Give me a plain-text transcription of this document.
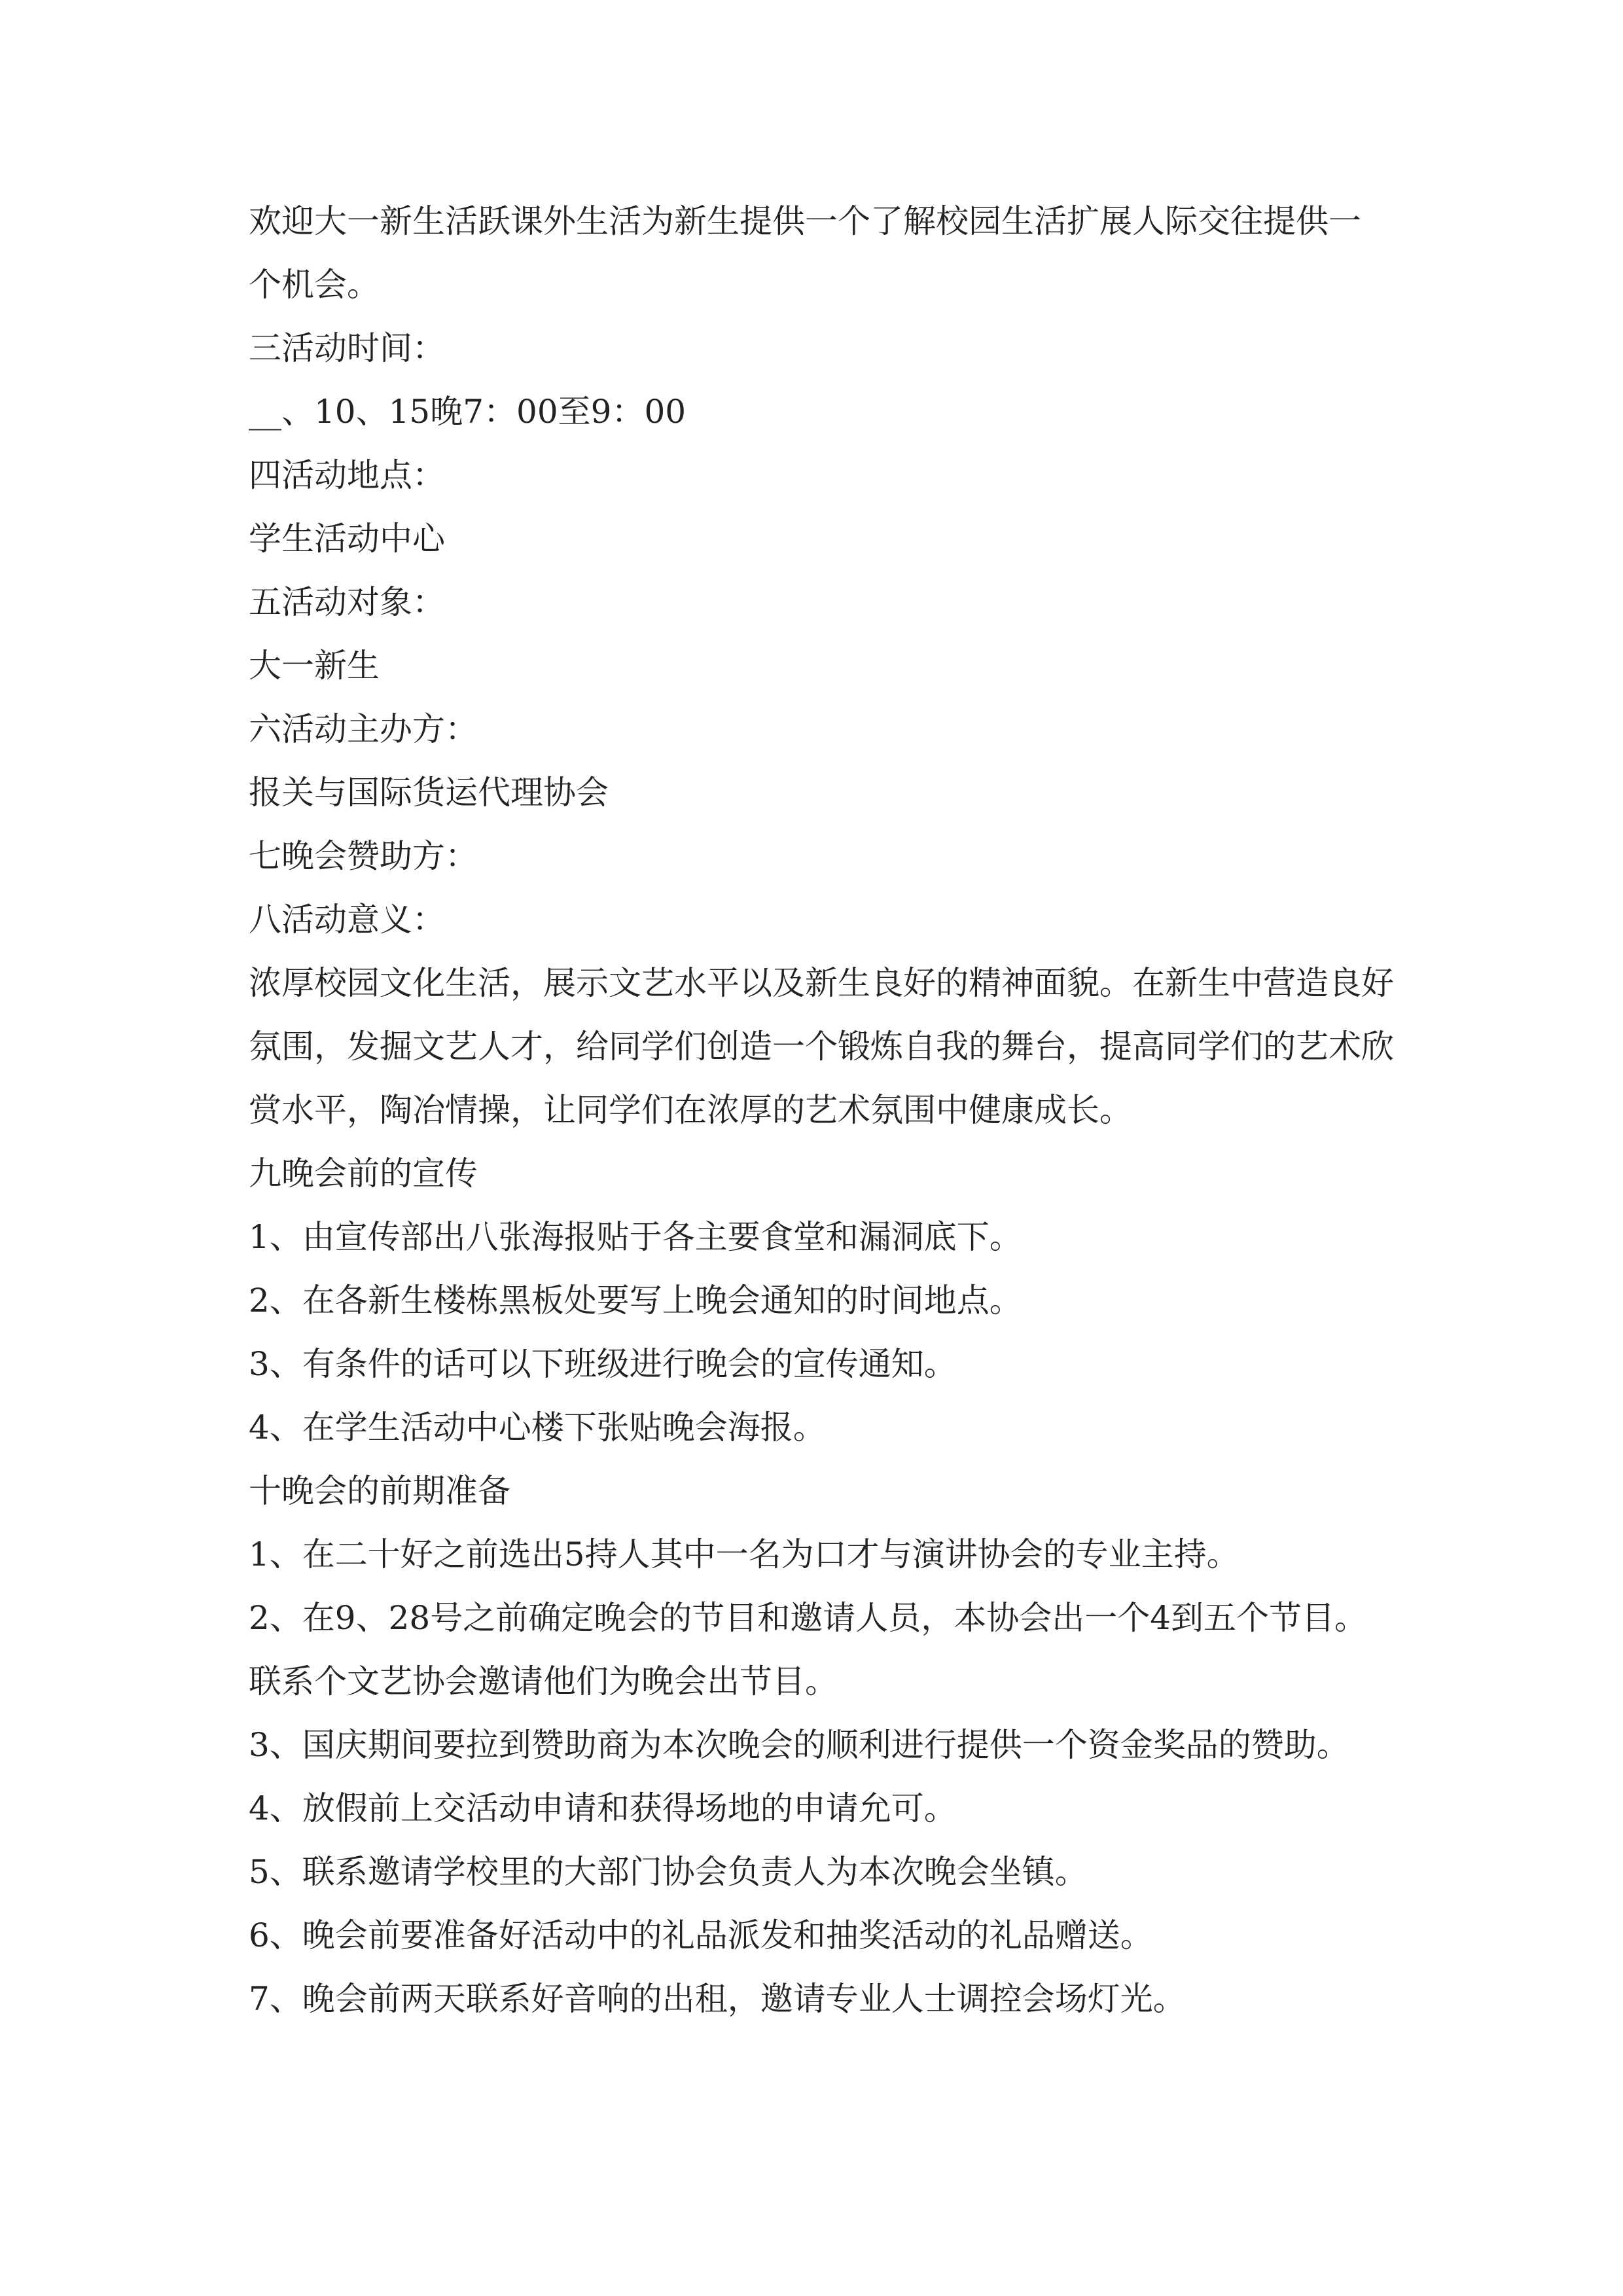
欢迎大一新生活跃课外生活为新生提供一个了解校园生活扩展人际交往提供一
个机会。
三活动时间：
__、10、15晚7：00至9：00
四活动地点：
学生活动中心
五活动对象：
大一新生
六活动主办方：
报关与国际货运代理协会
七晚会赞助方：
八活动意义：
浓厚校园文化生活，展示文艺水平以及新生良好的精神面貌。在新生中营造良好
氛围，发掘文艺人才，给同学们创造一个锻炼自我的舞台，提高同学们的艺术欣
赏水平，陶冶情操，让同学们在浓厚的艺术氛围中健康成长。
九晚会前的宣传
1、由宣传部出八张海报贴于各主要食堂和漏洞底下。
2、在各新生楼栋黑板处要写上晚会通知的时间地点。
3、有条件的话可以下班级进行晚会的宣传通知。
4、在学生活动中心楼下张贴晚会海报。
十晚会的前期准备
1、在二十好之前选出5持人其中一名为口才与演讲协会的专业主持。
2、在9、28号之前确定晚会的节目和邀请人员，本协会出一个4到五个节目。
联系个文艺协会邀请他们为晚会出节目。
3、国庆期间要拉到赞助商为本次晚会的顺利进行提供一个资金奖品的赞助。
4、放假前上交活动申请和获得场地的申请允可。
5、联系邀请学校里的大部门协会负责人为本次晚会坐镇。
6、晚会前要准备好活动中的礼品派发和抽奖活动的礼品赠送。
7、晚会前两天联系好音响的出租，邀请专业人士调控会场灯光。
